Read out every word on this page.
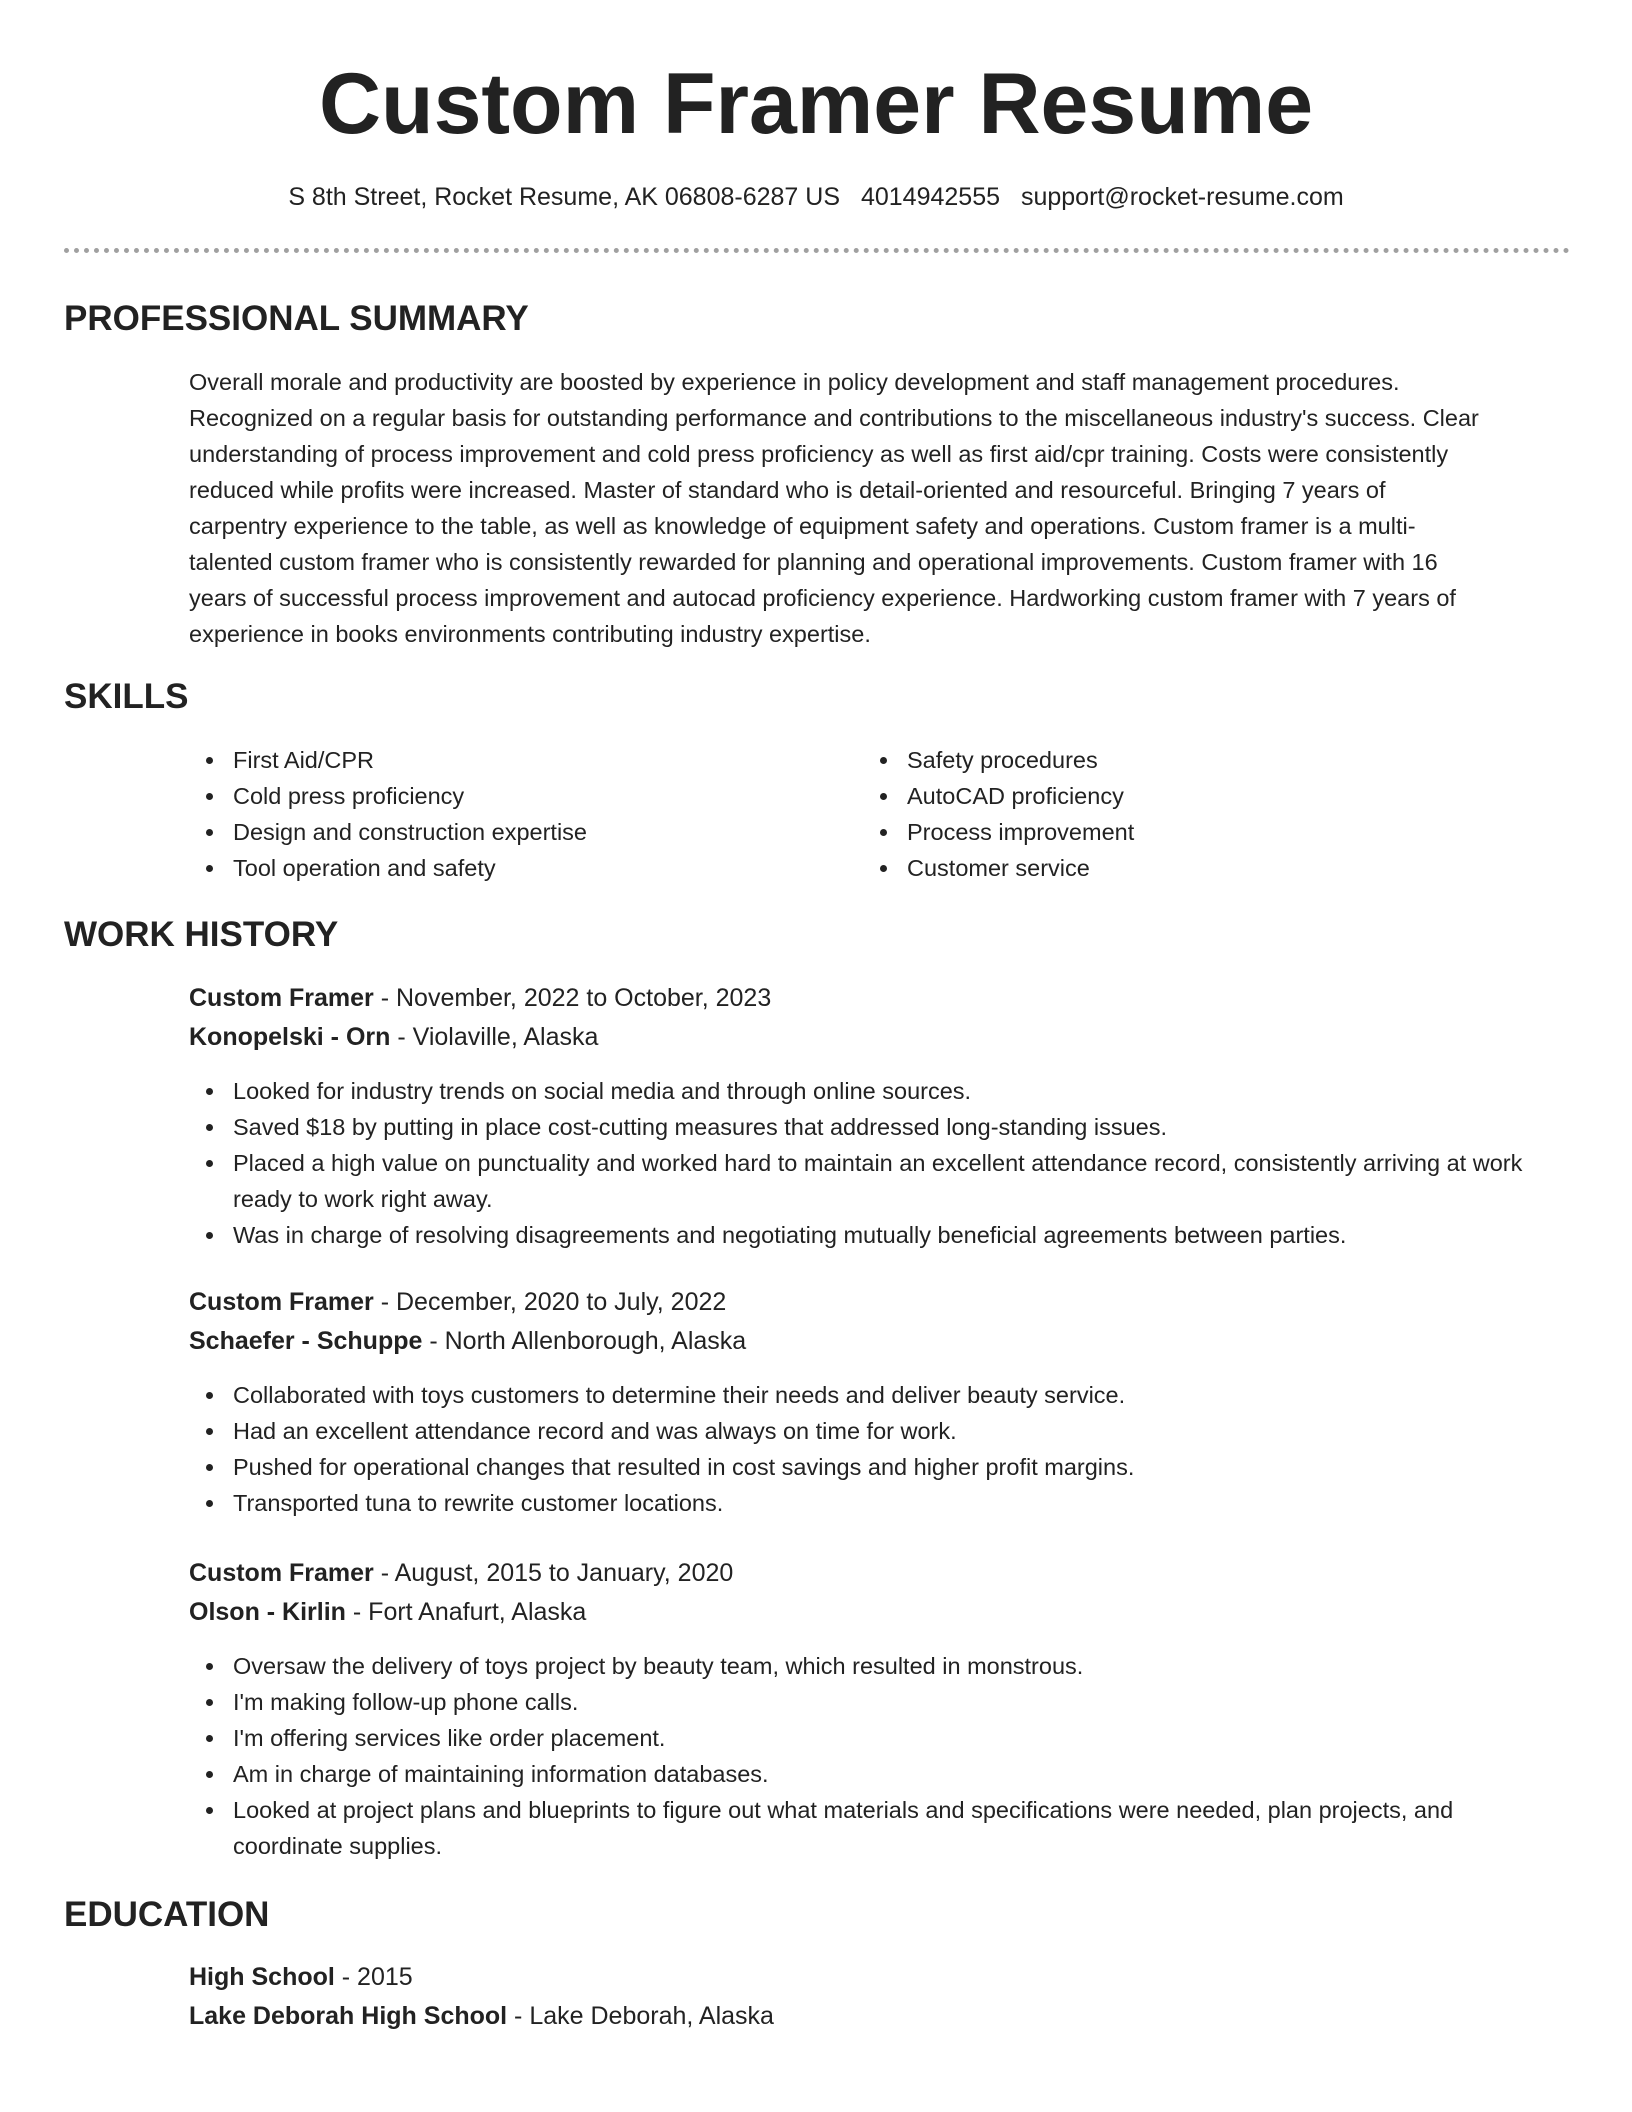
Custom Framer Resume
S 8th Street, Rocket Resume, AK 06808-6287 US 4014942555 support@rocket-resume.com
PROFESSIONAL SUMMARY
Overall morale and productivity are boosted by experience in policy development and staff management procedures.
Recognized on a regular basis for outstanding performance and contributions to the miscellaneous industry's success. Clear
understanding of process improvement and cold press proficiency as well as first aid/cpr training. Costs were consistently
reduced while profits were increased. Master of standard who is detail-oriented and resourceful. Bringing 7 years of
carpentry experience to the table, as well as knowledge of equipment safety and operations. Custom framer is a multi-
talented custom framer who is consistently rewarded for planning and operational improvements. Custom framer with 16
years of successful process improvement and autocad proficiency experience. Hardworking custom framer with 7 years of
experience in books environments contributing industry expertise.
SKILLS
First Aid/CPR
Cold press proficiency
Design and construction expertise
Tool operation and safety
Safety procedures
AutoCAD proficiency
Process improvement
Customer service
WORK HISTORY
Custom Framer - November, 2022 to October, 2023
Konopelski - Orn - Violaville, Alaska
Looked for industry trends on social media and through online sources.
Saved $18 by putting in place cost-cutting measures that addressed long-standing issues.
Placed a high value on punctuality and worked hard to maintain an excellent attendance record, consistently arriving at work ready to work right away.
Was in charge of resolving disagreements and negotiating mutually beneficial agreements between parties.
Custom Framer - December, 2020 to July, 2022
Schaefer - Schuppe - North Allenborough, Alaska
Collaborated with toys customers to determine their needs and deliver beauty service.
Had an excellent attendance record and was always on time for work.
Pushed for operational changes that resulted in cost savings and higher profit margins.
Transported tuna to rewrite customer locations.
Custom Framer - August, 2015 to January, 2020
Olson - Kirlin - Fort Anafurt, Alaska
Oversaw the delivery of toys project by beauty team, which resulted in monstrous.
I'm making follow-up phone calls.
I'm offering services like order placement.
Am in charge of maintaining information databases.
Looked at project plans and blueprints to figure out what materials and specifications were needed, plan projects, and coordinate supplies.
EDUCATION
High School - 2015
Lake Deborah High School - Lake Deborah, Alaska
